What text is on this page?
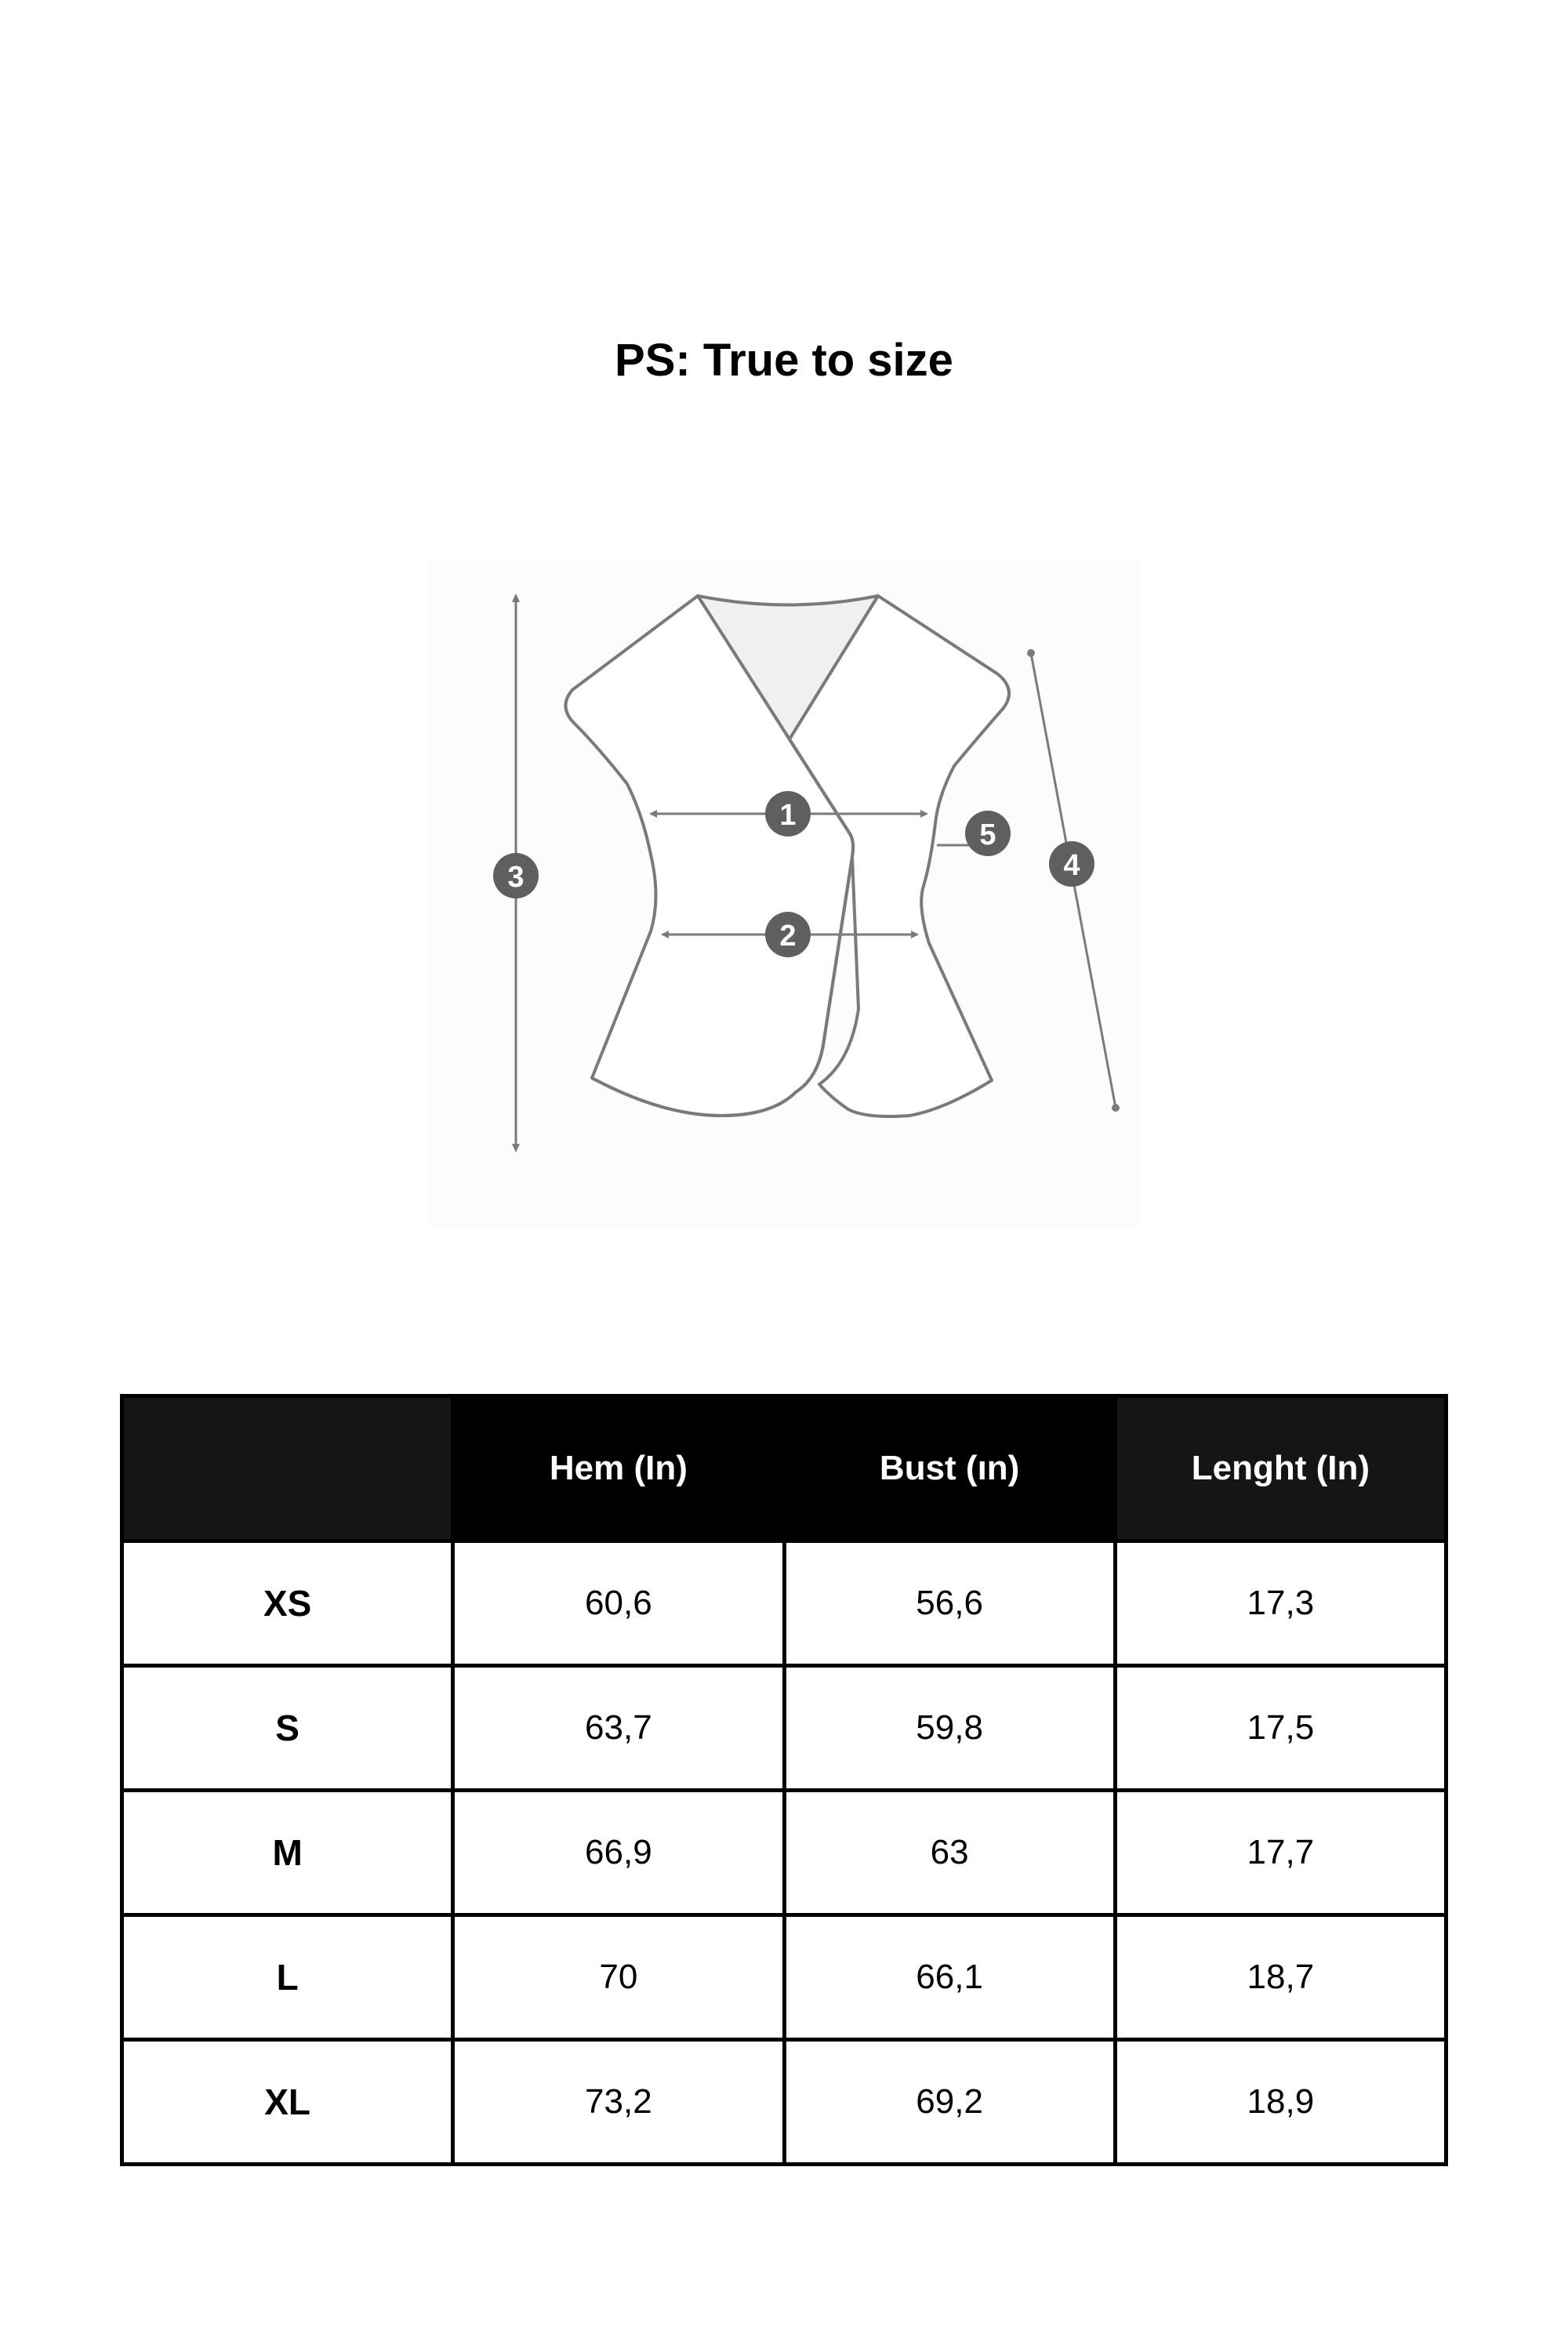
PS: True to size
1
2
3	4
5
	Hem (In)	Bust (ın)	Lenght (In)
XS	60,6	56,6	17,3
S	63,7	59,8	17,5
M	66,9	63	17,7
L	70	66,1	18,7
XL	73,2	69,2	18,9
